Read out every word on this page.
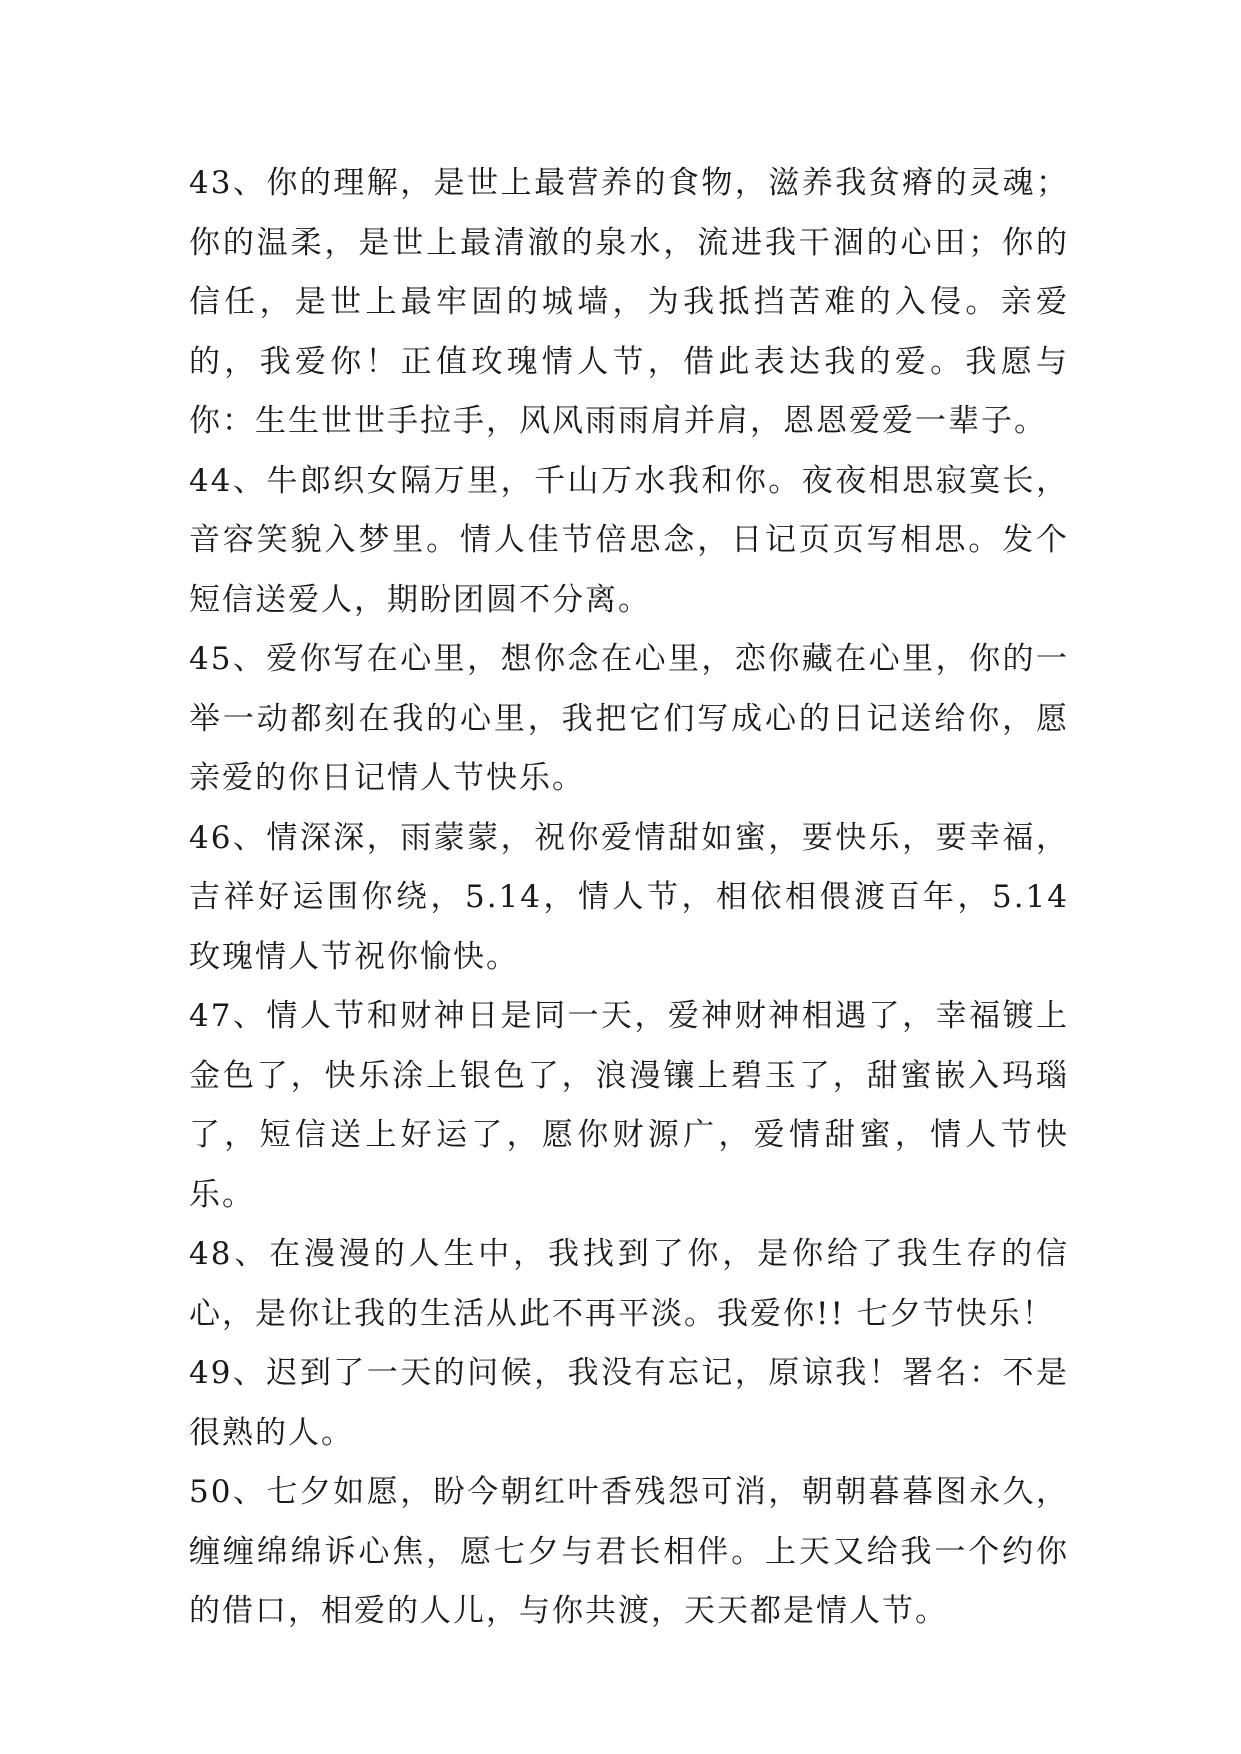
43、你的理解，是世上最营养的食物，滋养我贫瘠的灵魂；你的温柔，是世上最清澈的泉水，流进我干涸的心田；你的信任，是世上最牢固的城墙，为我抵挡苦难的入侵。亲爱的，我爱你！正值玫瑰情人节，借此表达我的爱。我愿与你：生生世世手拉手，风风雨雨肩并肩，恩恩爱爱一辈子。

44、牛郎织女隔万里，千山万水我和你。夜夜相思寂寞长，音容笑貌入梦里。情人佳节倍思念，日记页页写相思。发个短信送爱人，期盼团圆不分离。

45、爱你写在心里，想你念在心里，恋你藏在心里，你的一举一动都刻在我的心里，我把它们写成心的日记送给你，愿亲爱的你日记情人节快乐。

46、情深深，雨蒙蒙，祝你爱情甜如蜜，要快乐，要幸福，吉祥好运围你绕，5.14，情人节，相依相偎渡百年，5.14 玫瑰情人节祝你愉快。

47、情人节和财神日是同一天，爱神财神相遇了，幸福镀上金色了，快乐涂上银色了，浪漫镶上碧玉了，甜蜜嵌入玛瑙了，短信送上好运了，愿你财源广，爱情甜蜜，情人节快乐。

48、在漫漫的人生中，我找到了你，是你给了我生存的信心，是你让我的生活从此不再平淡。我爱你!! 七夕节快乐！

49、迟到了一天的问候，我没有忘记，原谅我！署名：不是很熟的人。

50、七夕如愿，盼今朝红叶香残怨可消，朝朝暮暮图永久，缠缠绵绵诉心焦，愿七夕与君长相伴。上天又给我一个约你的借口，相爱的人儿，与你共渡，天天都是情人节。
